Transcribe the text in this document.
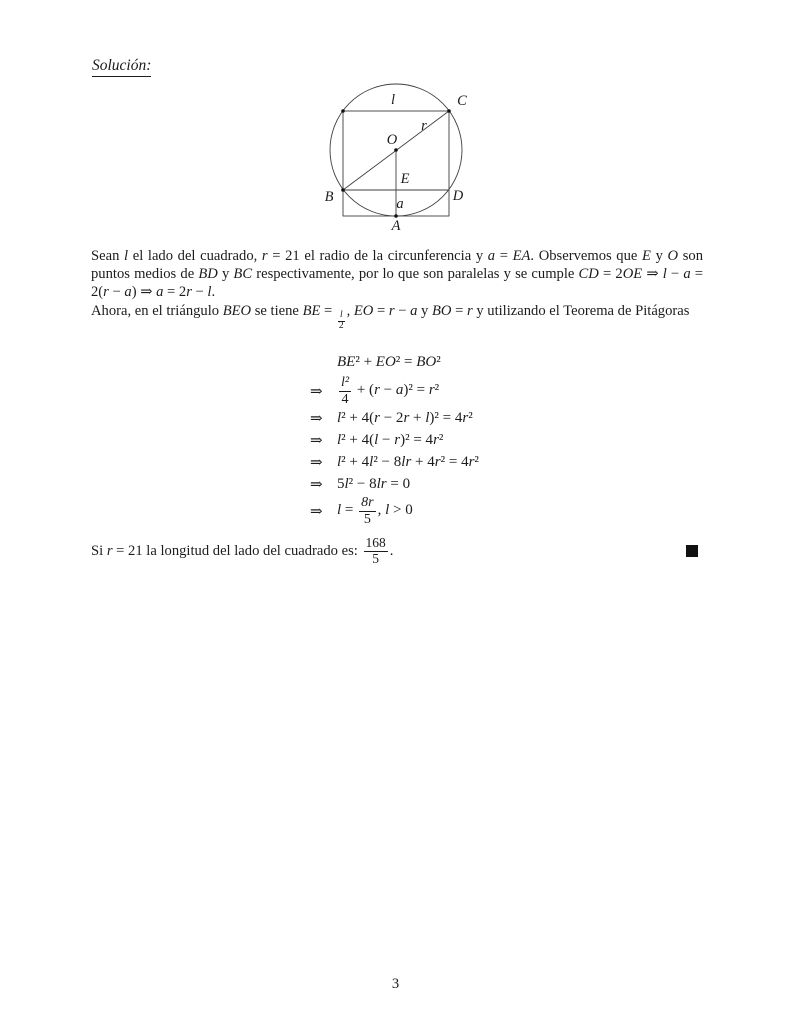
Solución:
l	C
r
O
E
B	D
a
A

Sean l el lado del cuadrado, r = 21 el radio de la circunferencia y a = EA. Observemos que E y O son puntos medios de BD y BC respectivamente, por lo que son paralelas y se cumple CD = 2OE ⇒ l − a = 2(r − a) ⇒ a = 2r − l.

Ahora, en el triángulo BEO se tiene BE = $\frac{l}{2}$ , EO = r − a y BO = r y utilizando el Teorema de Pitágoras

BE² + EO² = BO²
⇒	$\frac{\text{l²}}{4} + (r - a)^2 = r^2$
⇒ l² + 4(r − 2r + l)² = 4r²
⇒ l² + 4(l − r)² = 4r²
⇒ l² + 4l² − 8lr + 4r² = 4r²
⇒ 5l² − 8lr = 0
⇒ $l = \frac{8r}{5}$ , l > 0
Si r = 21 la longitud del lado del cuadrado es: $\frac{168}{5}$ .
3
